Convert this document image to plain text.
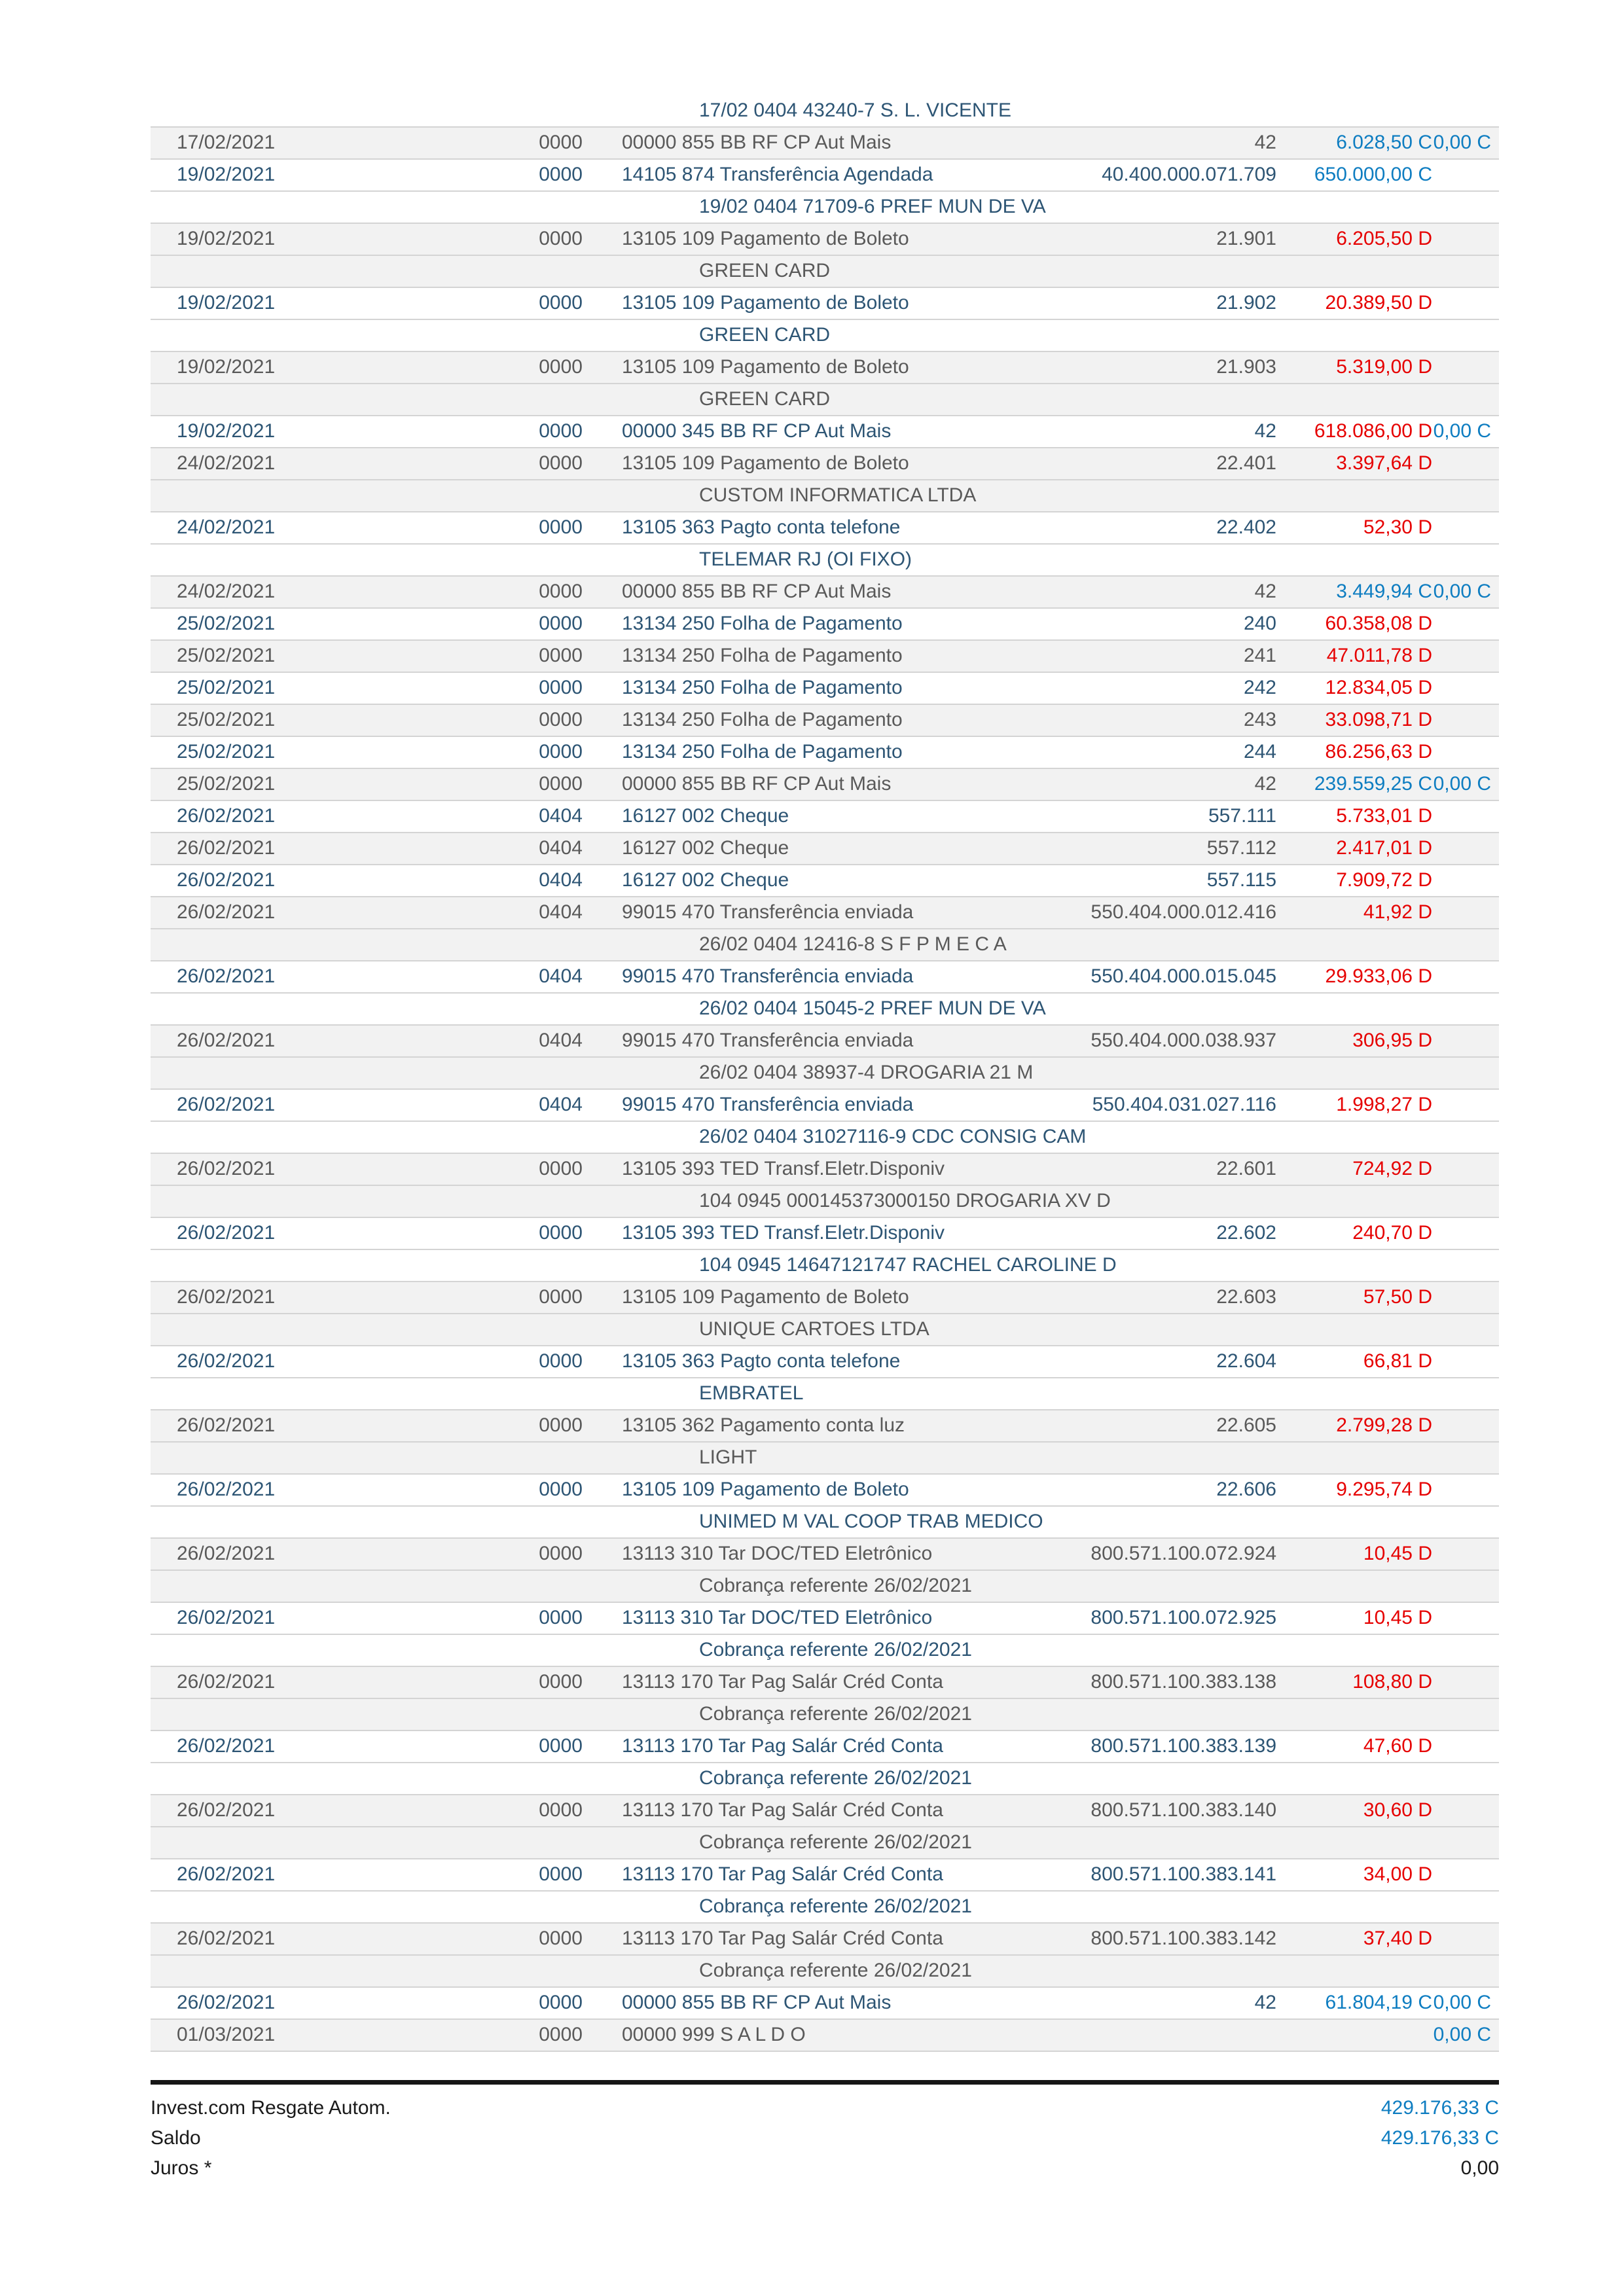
17/02 0404 43240-7 S. L. VICENTE
17/02/2021	0000 00000 855 BB RF CP Aut Mais	42	6.028,50 C 0,00 C
19/02/2021	0000 14105 874 Transferência Agendada	40.400.000.071.709	650.000,00 C
19/02 0404 71709-6 PREF MUN DE VA
19/02/2021	0000 13105 109 Pagamento de Boleto	21.901	6.205,50 D
GREEN CARD
19/02/2021	0000 13105 109 Pagamento de Boleto	21.902	20.389,50 D
GREEN CARD
19/02/2021	0000 13105 109 Pagamento de Boleto	21.903	5.319,00 D
GREEN CARD
19/02/2021	0000 00000 345 BB RF CP Aut Mais	42	618.086,00 D 0,00 C
24/02/2021	0000 13105 109 Pagamento de Boleto	22.401	3.397,64 D
CUSTOM INFORMATICA LTDA
24/02/2021	0000 13105 363 Pagto conta telefone	22.402	52,30 D
TELEMAR RJ (OI FIXO)
24/02/2021	0000 00000 855 BB RF CP Aut Mais	42	3.449,94 C 0,00 C
25/02/2021	0000 13134 250 Folha de Pagamento	240	60.358,08 D
25/02/2021	0000 13134 250 Folha de Pagamento	241	47.011,78 D
25/02/2021	0000 13134 250 Folha de Pagamento	242	12.834,05 D
25/02/2021	0000 13134 250 Folha de Pagamento	243	33.098,71 D
25/02/2021	0000 13134 250 Folha de Pagamento	244	86.256,63 D
25/02/2021	0000 00000 855 BB RF CP Aut Mais	42	239.559,25 C 0,00 C
26/02/2021	0404 16127 002 Cheque	557.111	5.733,01 D
26/02/2021	0404 16127 002 Cheque	557.112	2.417,01 D
26/02/2021	0404 16127 002 Cheque	557.115	7.909,72 D
26/02/2021	0404 99015 470 Transferência enviada	550.404.000.012.416	41,92 D
26/02 0404 12416-8 S F P M E C A
26/02/2021	0404 99015 470 Transferência enviada	550.404.000.015.045	29.933,06 D
26/02 0404 15045-2 PREF MUN DE VA
26/02/2021	0404 99015 470 Transferência enviada	550.404.000.038.937	306,95 D
26/02 0404 38937-4 DROGARIA 21 M
26/02/2021	0404 99015 470 Transferência enviada	550.404.031.027.116	1.998,27 D
26/02 0404 31027116-9 CDC CONSIG CAM
26/02/2021	0000 13105 393 TED Transf.Eletr.Disponiv	22.601	724,92 D
104 0945 000145373000150 DROGARIA XV D
26/02/2021	0000 13105 393 TED Transf.Eletr.Disponiv	22.602	240,70 D
104 0945 14647121747 RACHEL CAROLINE D
26/02/2021	0000 13105 109 Pagamento de Boleto	22.603	57,50 D
UNIQUE CARTOES LTDA
26/02/2021	0000 13105 363 Pagto conta telefone	22.604	66,81 D
EMBRATEL
26/02/2021	0000 13105 362 Pagamento conta luz	22.605	2.799,28 D
LIGHT
26/02/2021	0000 13105 109 Pagamento de Boleto	22.606	9.295,74 D
UNIMED M VAL COOP TRAB MEDICO
26/02/2021	0000 13113 310 Tar DOC/TED Eletrônico	800.571.100.072.924	10,45 D
Cobrança referente 26/02/2021
26/02/2021	0000 13113 310 Tar DOC/TED Eletrônico	800.571.100.072.925	10,45 D
Cobrança referente 26/02/2021
26/02/2021	0000 13113 170 Tar Pag Salár Créd Conta	800.571.100.383.138	108,80 D
Cobrança referente 26/02/2021
26/02/2021	0000 13113 170 Tar Pag Salár Créd Conta	800.571.100.383.139	47,60 D
Cobrança referente 26/02/2021
26/02/2021	0000 13113 170 Tar Pag Salár Créd Conta	800.571.100.383.140	30,60 D
Cobrança referente 26/02/2021
26/02/2021	0000 13113 170 Tar Pag Salár Créd Conta	800.571.100.383.141	34,00 D
Cobrança referente 26/02/2021
26/02/2021	0000 13113 170 Tar Pag Salár Créd Conta	800.571.100.383.142	37,40 D
Cobrança referente 26/02/2021
26/02/2021	0000 00000 855 BB RF CP Aut Mais	42	61.804,19 C 0,00 C
01/03/2021	0000 00000 999 S A L D O	0,00 C
Invest.com Resgate Autom.	429.176,33 C
Saldo	429.176,33 C
Juros *	0,00
